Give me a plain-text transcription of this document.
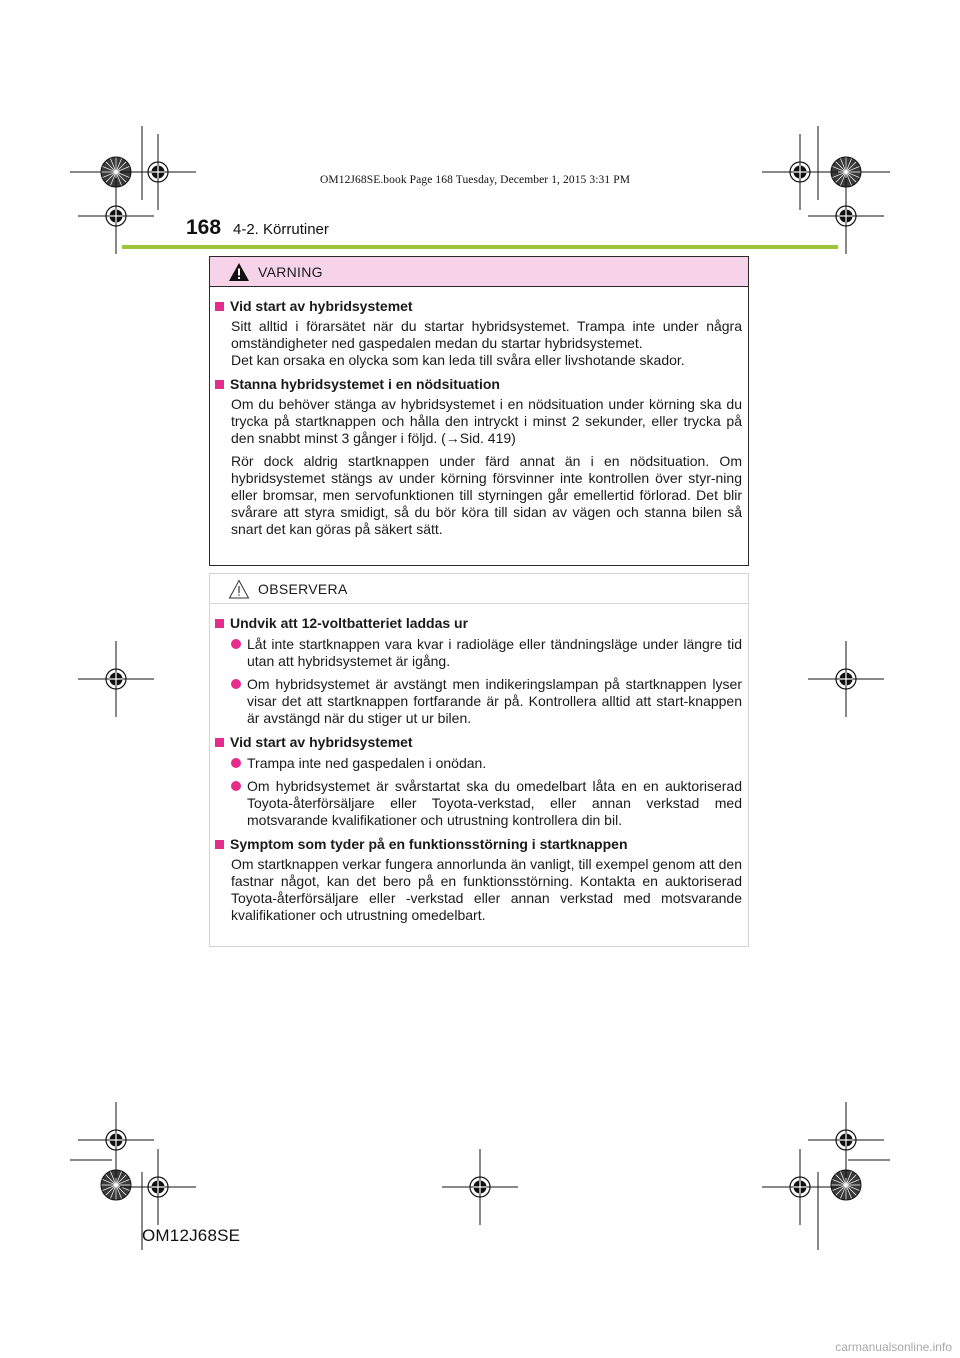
OM12J68SE.book Page 168 Tuesday, December 1, 2015 3:31 PM
168 4-2. Körrutiner
VARNING
Vid start av hybridsystemet
Sitt alltid i förarsätet när du startar hybridsystemet. Trampa inte under några omständigheter ned gaspedalen medan du startar hybridsystemet.
Det kan orsaka en olycka som kan leda till svåra eller livshotande skador.
Stanna hybridsystemet i en nödsituation
Om du behöver stänga av hybridsystemet i en nödsituation under körning ska du trycka på startknappen och hålla den intryckt i minst 2 sekunder, eller trycka på den snabbt minst 3 gånger i följd. (→Sid. 419)
Rör dock aldrig startknappen under färd annat än i en nödsituation. Om hybridsystemet stängs av under körning försvinner inte kontrollen över styr-ning eller bromsar, men servofunktionen till styrningen går emellertid förlorad. Det blir svårare att styra smidigt, så du bör köra till sidan av vägen och stanna bilen så snart det kan göras på säkert sätt.
OBSERVERA
Undvik att 12-voltbatteriet laddas ur
Låt inte startknappen vara kvar i radioläge eller tändningsläge under längre tid utan att hybridsystemet är igång.
Om hybridsystemet är avstängt men indikeringslampan på startknappen lyser visar det att startknappen fortfarande är på. Kontrollera alltid att start-knappen är avstängd när du stiger ut ur bilen.
Vid start av hybridsystemet
Trampa inte ned gaspedalen i onödan.
Om hybridsystemet är svårstartat ska du omedelbart låta en en auktoriserad Toyota-återförsäljare eller Toyota-verkstad, eller annan verkstad med motsvarande kvalifikationer och utrustning kontrollera din bil.
Symptom som tyder på en funktionsstörning i startknappen
Om startknappen verkar fungera annorlunda än vanligt, till exempel genom att den fastnar något, kan det bero på en funktionsstörning. Kontakta en auktoriserad Toyota-återförsäljare eller -verkstad eller annan verkstad med motsvarande kvalifikationer och utrustning omedelbart.
OM12J68SE
carmanualsonline.info
